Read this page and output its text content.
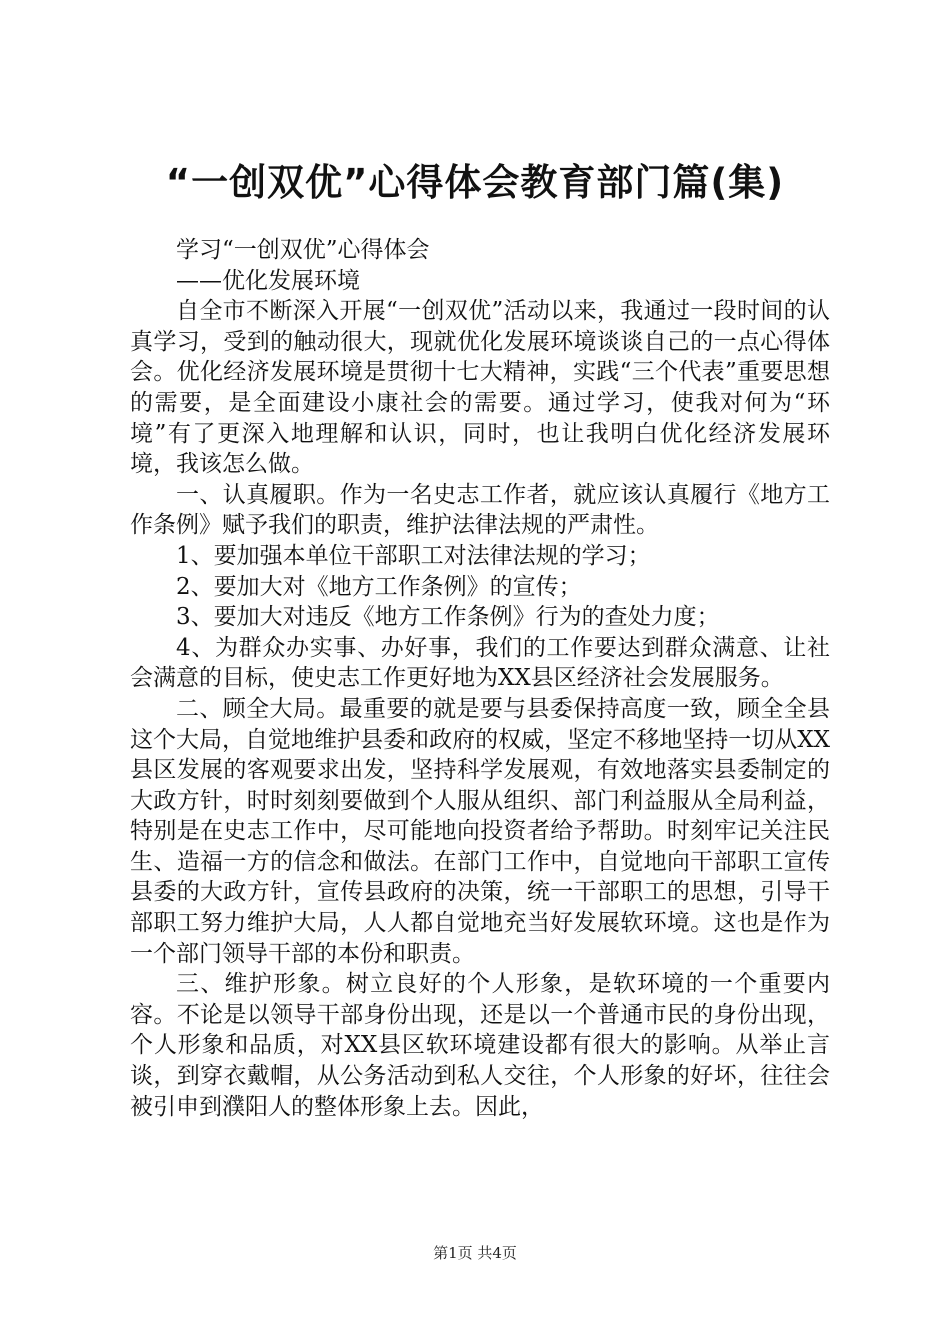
“一创双优”心得体会教育部门篇(集)

学习“一创双优”心得体会

——优化发展环境

自全市不断深入开展“一创双优”活动以来，我通过一段时间的认真学习，受到的触动很大，现就优化发展环境谈谈自己的一点心得体会。优化经济发展环境是贯彻十七大精神，实践“三个代表”重要思想的需要，是全面建设小康社会的需要。通过学习，使我对何为“环境”有了更深入地理解和认识，同时，也让我明白优化经济发展环境，我该怎么做。

一、认真履职。作为一名史志工作者，就应该认真履行《地方工作条例》赋予我们的职责，维护法律法规的严肃性。

1、要加强本单位干部职工对法律法规的学习；

2、要加大对《地方工作条例》的宣传；

3、要加大对违反《地方工作条例》行为的查处力度；

4、为群众办实事、办好事，我们的工作要达到群众满意、让社会满意的目标，使史志工作更好地为XX县区经济社会发展服务。

二、顾全大局。最重要的就是要与县委保持高度一致，顾全全县这个大局，自觉地维护县委和政府的权威，坚定不移地坚持一切从XX县区发展的客观要求出发，坚持科学发展观，有效地落实县委制定的大政方针，时时刻刻要做到个人服从组织、部门利益服从全局利益，特别是在史志工作中，尽可能地向投资者给予帮助。时刻牢记关注民生、造福一方的信念和做法。在部门工作中，自觉地向干部职工宣传县委的大政方针，宣传县政府的决策，统一干部职工的思想，引导干部职工努力维护大局，人人都自觉地充当好发展软环境。这也是作为一个部门领导干部的本份和职责。

三、维护形象。树立良好的个人形象，是软环境的一个重要内容。不论是以领导干部身份出现，还是以一个普通市民的身份出现，个人形象和品质，对XX县区软环境建设都有很大的影响。从举止言谈，到穿衣戴帽，从公务活动到私人交往，个人形象的好坏，往往会被引申到濮阳人的整体形象上去。因此，

第1页 共4页
